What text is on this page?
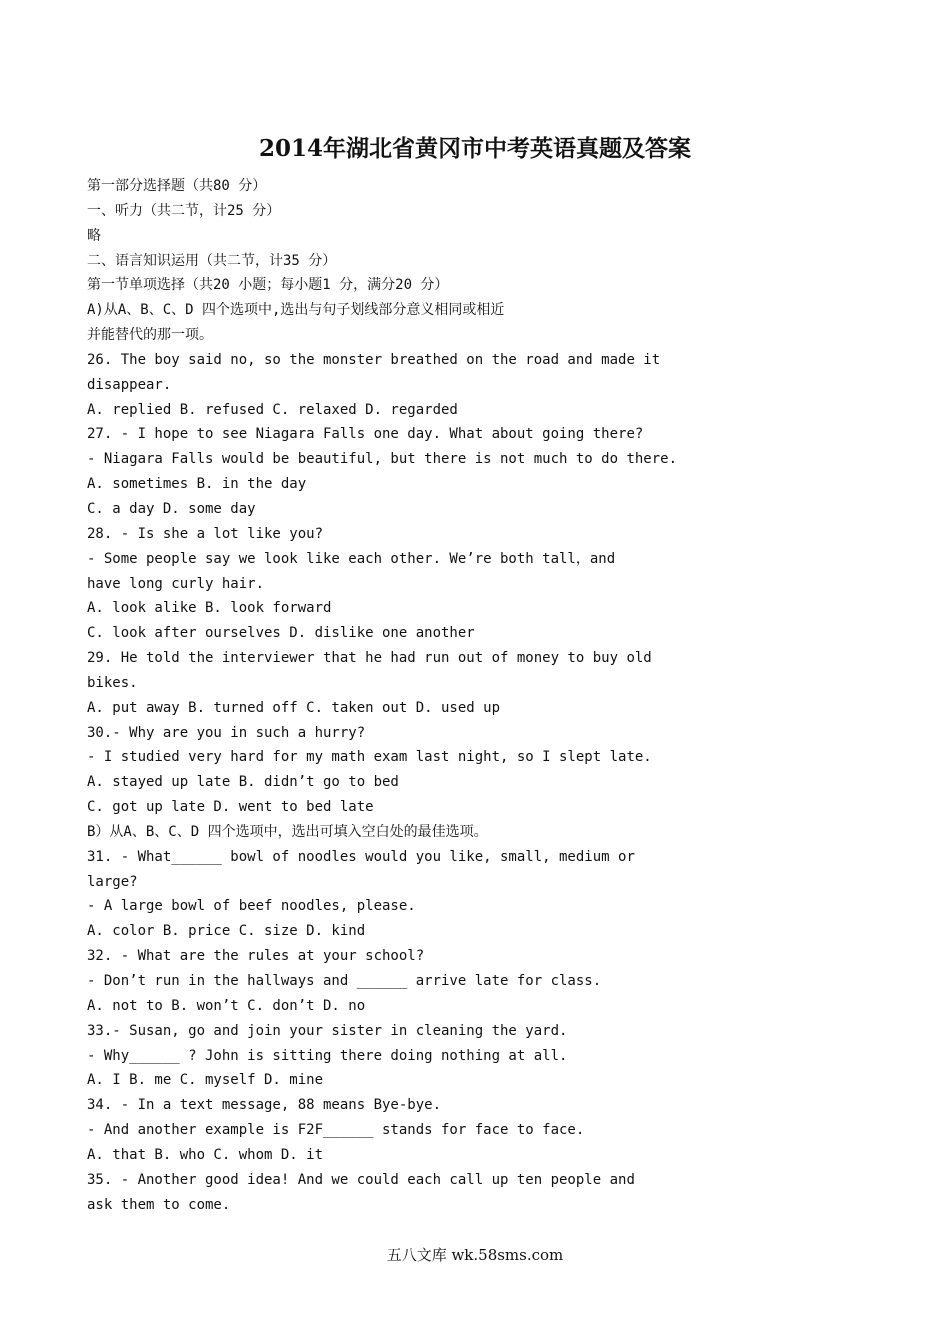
2014年湖北省黄冈市中考英语真题及答案
第一部分选择题（共80 分）
一、听力（共二节，计25 分）
略
二、语言知识运用（共二节，计35 分）
第一节单项选择（共20 小题；每小题1 分，满分20 分）
A)从A、B、C、D 四个选项中,选出与句子划线部分意义相同或相近
并能替代的那一项。
26. The boy said no, so the monster breathed on the road and made it
disappear.
A. replied B. refused C. relaxed D. regarded
27. - I hope to see Niagara Falls one day. What about going there?
- Niagara Falls would be beautiful, but there is not much to do there.
A. sometimes B. in the day
C. a day D. some day
28. - Is she a lot like you?
- Some people say we look like each other. We’re both tall，and
have long curly hair.
A. look alike B. look forward
C. look after ourselves D. dislike one another
29. He told the interviewer that he had run out of money to buy old
bikes.
A. put away B. turned off C. taken out D. used up
30.- Why are you in such a hurry?
- I studied very hard for my math exam last night, so I slept late.
A. stayed up late B. didn’t go to bed
C. got up late D. went to bed late
B）从A、B、C、D 四个选项中，选出可填入空白处的最佳选项。
31. - What______ bowl of noodles would you like, small, medium or
large?
- A large bowl of beef noodles, please.
A. color B. price C. size D. kind
32. - What are the rules at your school?
- Don’t run in the hallways and ______ arrive late for class.
A. not to B. won’t C. don’t D. no
33.- Susan, go and join your sister in cleaning the yard.
- Why______ ? John is sitting there doing nothing at all.
A. I B. me C. myself D. mine
34. - In a text message, 88 means Bye-bye.
- And another example is F2F______ stands for face to face.
A. that B. who C. whom D. it
35. - Another good idea! And we could each call up ten people and
ask them to come.
五八文库 wk.58sms.com
